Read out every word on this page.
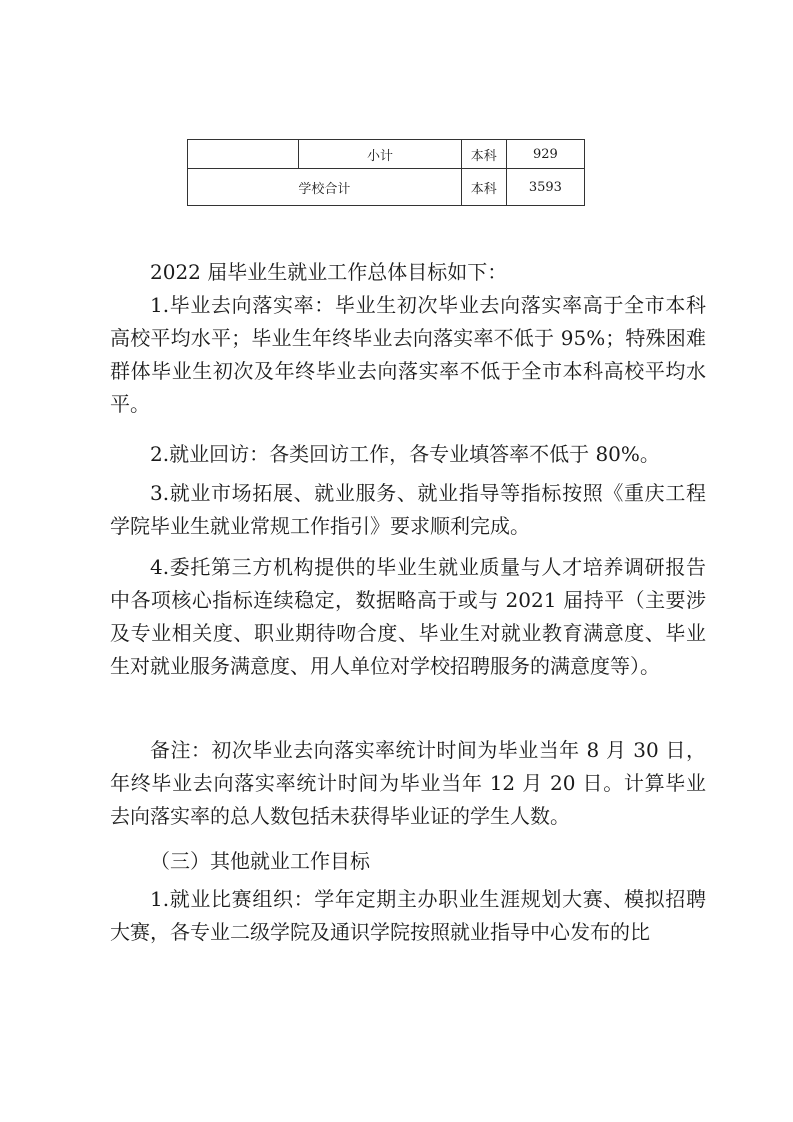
	小计	本科	929
学校合计		本科	3593

2022 届毕业生就业工作总体目标如下：

1.毕业去向落实率：毕业生初次毕业去向落实率高于全市本科高校平均水平；毕业生年终毕业去向落实率不低于 95%；特殊困难群体毕业生初次及年终毕业去向落实率不低于全市本科高校平均水平。

2.就业回访：各类回访工作，各专业填答率不低于 80%。

3.就业市场拓展、就业服务、就业指导等指标按照《重庆工程学院毕业生就业常规工作指引》要求顺利完成。

4.委托第三方机构提供的毕业生就业质量与人才培养调研报告中各项核心指标连续稳定，数据略高于或与 2021 届持平（主要涉及专业相关度、职业期待吻合度、毕业生对就业教育满意度、毕业生对就业服务满意度、用人单位对学校招聘服务的满意度等）。

备注：初次毕业去向落实率统计时间为毕业当年 8 月 30 日，年终毕业去向落实率统计时间为毕业当年 12 月 20 日。计算毕业去向落实率的总人数包括未获得毕业证的学生人数。

（三）其他就业工作目标

1.就业比赛组织：学年定期主办职业生涯规划大赛、模拟招聘大赛，各专业二级学院及通识学院按照就业指导中心发布的比
